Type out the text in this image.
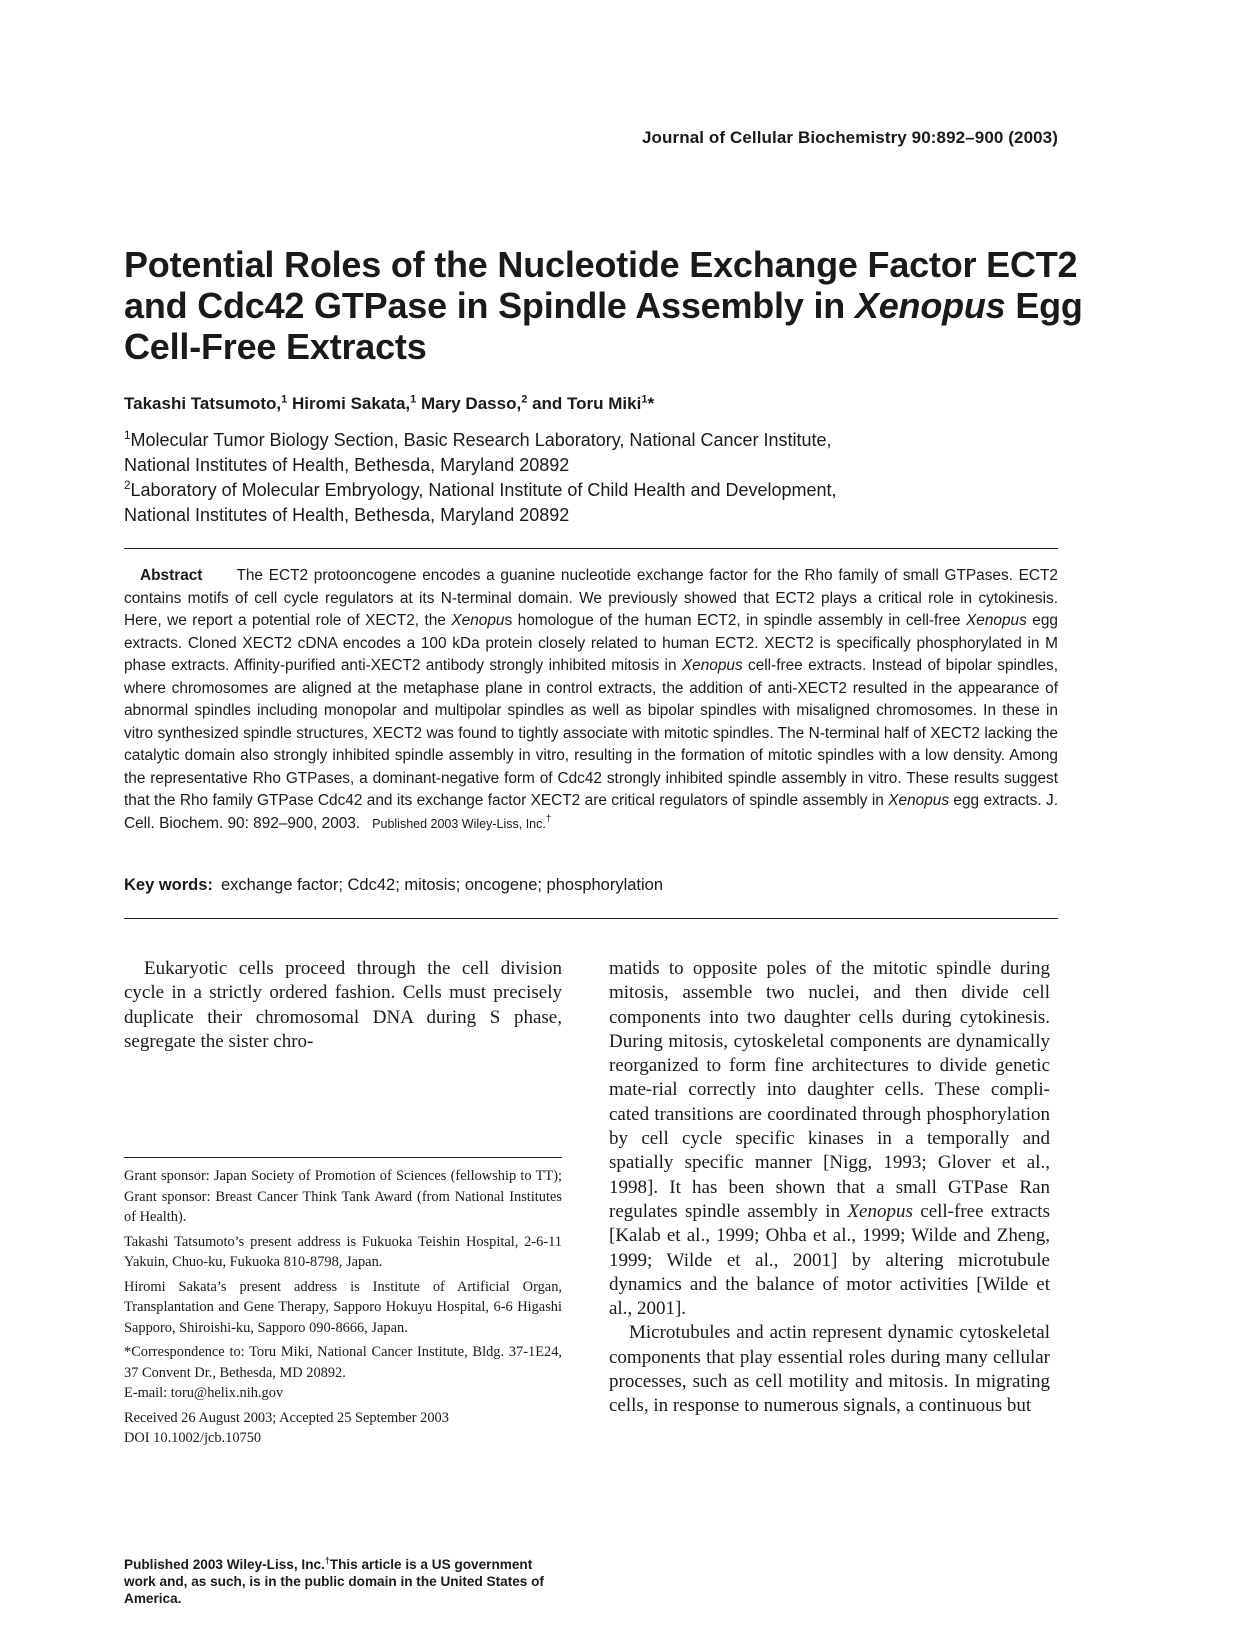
Journal of Cellular Biochemistry 90:892–900 (2003)
Potential Roles of the Nucleotide Exchange Factor ECT2 and Cdc42 GTPase in Spindle Assembly in Xenopus Egg Cell-Free Extracts
Takashi Tatsumoto,$^1$ Hiromi Sakata,$^1$ Mary Dasso,$^2$ and Toru Miki$^1$*

$^1$Molecular Tumor Biology Section, Basic Research Laboratory, National Cancer Institute,

National Institutes of Health, Bethesda, Maryland 20892

$^2$Laboratory of Molecular Embryology, National Institute of Child Health and Development,

National Institutes of Health, Bethesda, Maryland 20892

Abstract The ECT2 protooncogene encodes a guanine nucleotide exchange factor for the Rho family of small GTPases. ECT2 contains motifs of cell cycle regulators at its N-terminal domain. We previously showed that ECT2 plays a critical role in cytokinesis. Here, we report a potential role of XECT2, the Xenopus homologue of the human ECT2, in spindle assembly in cell-free Xenopus egg extracts. Cloned XECT2 cDNA encodes a 100 kDa protein closely related to human ECT2. XECT2 is specifically phosphorylated in M phase extracts. Affinity-purified anti-XECT2 antibody strongly inhibited mitosis in Xenopus cell-free extracts. Instead of bipolar spindles, where chromosomes are aligned at the metaphase plane in control extracts, the addition of anti-XECT2 resulted in the appearance of abnormal spindles including monopolar and multipolar spindles as well as bipolar spindles with misaligned chromosomes. In these in vitro synthesized spindle structures, XECT2 was found to tightly associate with mitotic spindles. The N-terminal half of XECT2 lacking the catalytic domain also strongly inhibited spindle assembly in vitro, resulting in the formation of mitotic spindles with a low density. Among the representative Rho GTPases, a dominant-negative form of Cdc42 strongly inhibited spindle assembly in vitro. These results suggest that the Rho family GTPase Cdc42 and its exchange factor XECT2 are critical regulators of spindle assembly in Xenopus egg extracts. J. Cell. Biochem. 90: 892–900, 2003. Published 2003 Wiley-Liss, Inc.†
Key words: exchange factor; Cdc42; mitosis; oncogene; phosphorylation

Eukaryotic cells proceed through the cell division cycle in a strictly ordered fashion. Cells must precisely duplicate their chromosomal DNA during S phase, segregate the sister chro-

matids to opposite poles of the mitotic spindle during mitosis, assemble two nuclei, and then divide cell components into two daughter cells during cytokinesis. During mitosis, cytoskeletal components are dynamically reorganized to form fine architectures to divide genetic mate-rial correctly into daughter cells. These compli-cated transitions are coordinated through phosphorylation by cell cycle specific kinases in a temporally and spatially specific manner [Nigg, 1993; Glover et al., 1998]. It has been shown that a small GTPase Ran regulates spindle assembly in Xenopus cell-free extracts [Kalab et al., 1999; Ohba et al., 1999; Wilde and Zheng, 1999; Wilde et al., 2001] by altering microtubule dynamics and the balance of motor activities [Wilde et al., 2001].

Microtubules and actin represent dynamic cytoskeletal components that play essential roles during many cellular processes, such as cell motility and mitosis. In migrating cells, in response to numerous signals, a continuous but

Grant sponsor: Japan Society of Promotion of Sciences (fellowship to TT); Grant sponsor: Breast Cancer Think Tank Award (from National Institutes of Health).

Takashi Tatsumoto’s present address is Fukuoka Teishin Hospital, 2-6-11 Yakuin, Chuo-ku, Fukuoka 810-8798, Japan.

Hiromi Sakata’s present address is Institute of Artificial Organ, Transplantation and Gene Therapy, Sapporo Hokuyu Hospital, 6-6 Higashi Sapporo, Shiroishi-ku, Sapporo 090-8666, Japan.

*Correspondence to: Toru Miki, National Cancer Institute, Bldg. 37-1E24, 37 Convent Dr., Bethesda, MD 20892.

E-mail: toru@helix.nih.gov

Received 26 August 2003; Accepted 25 September 2003

DOI 10.1002/jcb.10750

Published 2003 Wiley-Liss, Inc.†This article is a US government work and, as such, is in the public domain in the United States of America.
